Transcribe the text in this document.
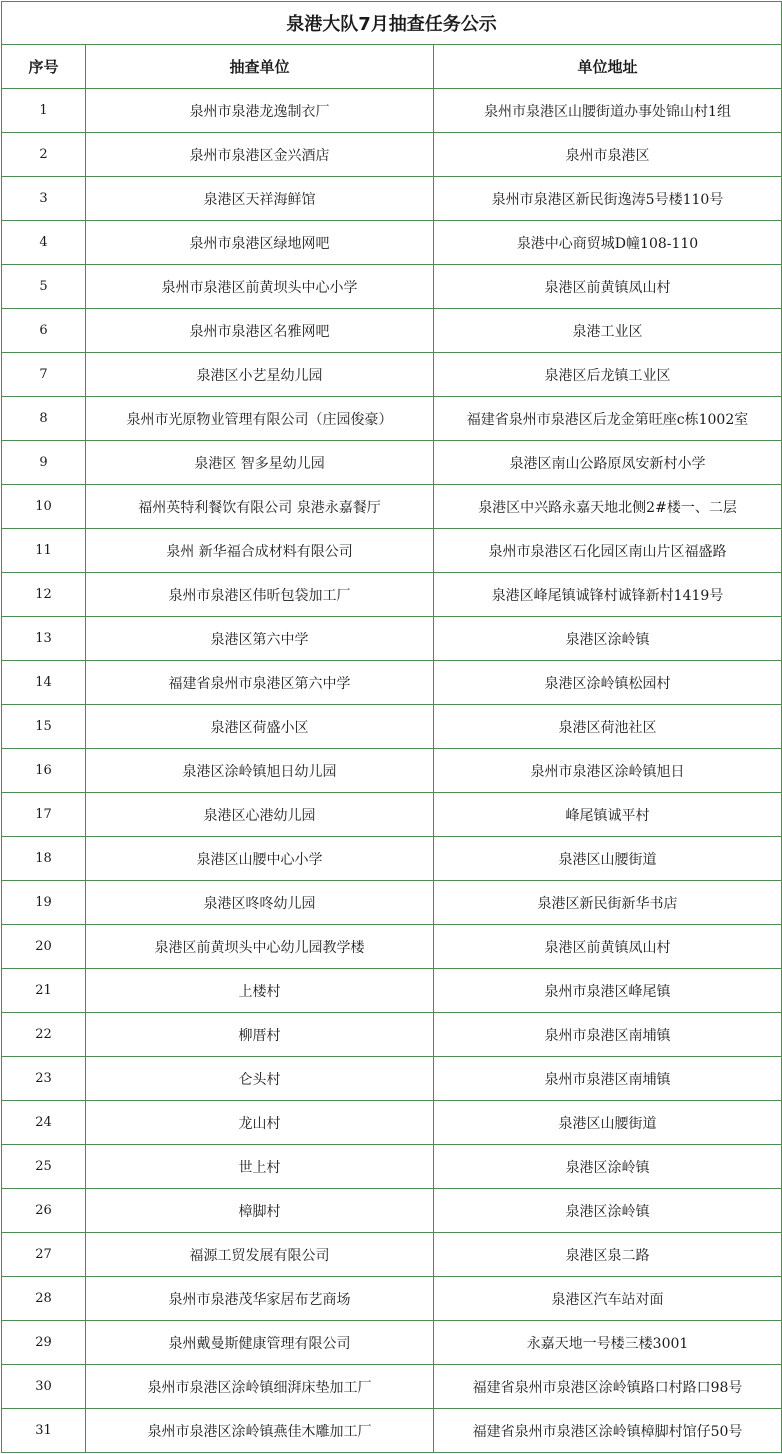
泉港大队7月抽查任务公示		
序号	抽查单位	单位地址
1	泉州市泉港龙逸制衣厂	泉州市泉港区山腰街道办事处锦山村1组
2	泉州市泉港区金兴酒店	泉州市泉港区
3	泉港区天祥海鲜馆	泉州市泉港区新民街逸涛5号楼110号
4	泉州市泉港区绿地网吧	泉港中心商贸城D幢108-110
5	泉州市泉港区前黄坝头中心小学	泉港区前黄镇凤山村
6	泉州市泉港区名雅网吧	泉港工业区
7	泉港区小艺星幼儿园	泉港区后龙镇工业区
8	泉州市光原物业管理有限公司（庄园俊豪）	福建省泉州市泉港区后龙金第旺座c栋1002室
9	泉港区 智多星幼儿园	泉港区南山公路原凤安新村小学
10	福州英特利餐饮有限公司 泉港永嘉餐厅	泉港区中兴路永嘉天地北侧2#楼一、二层
11	泉州 新华福合成材料有限公司	泉州市泉港区石化园区南山片区福盛路
12	泉州市泉港区伟昕包袋加工厂	泉港区峰尾镇诚锋村诚锋新村1419号
13	泉港区第六中学	泉港区涂岭镇
14	福建省泉州市泉港区第六中学	泉港区涂岭镇松园村
15	泉港区荷盛小区	泉港区荷池社区
16	泉港区涂岭镇旭日幼儿园	泉州市泉港区涂岭镇旭日
17	泉港区心港幼儿园	峰尾镇诚平村
18	泉港区山腰中心小学	泉港区山腰街道
19	泉港区咚咚幼儿园	泉港区新民街新华书店
20	泉港区前黄坝头中心幼儿园教学楼	泉港区前黄镇凤山村
21	上楼村	泉州市泉港区峰尾镇
22	柳厝村	泉州市泉港区南埔镇
23	仑头村	泉州市泉港区南埔镇
24	龙山村	泉港区山腰街道
25	世上村	泉港区涂岭镇
26	樟脚村	泉港区涂岭镇
27	福源工贸发展有限公司	泉港区泉二路
28	泉州市泉港茂华家居布艺商场	泉港区汽车站对面
29	泉州戴曼斯健康管理有限公司	永嘉天地一号楼三楼3001
30	泉州市泉港区涂岭镇细湃床垫加工厂	福建省泉州市泉港区涂岭镇路口村路口98号
31	泉州市泉港区涂岭镇燕佳木雕加工厂	福建省泉州市泉港区涂岭镇樟脚村馆仔50号
